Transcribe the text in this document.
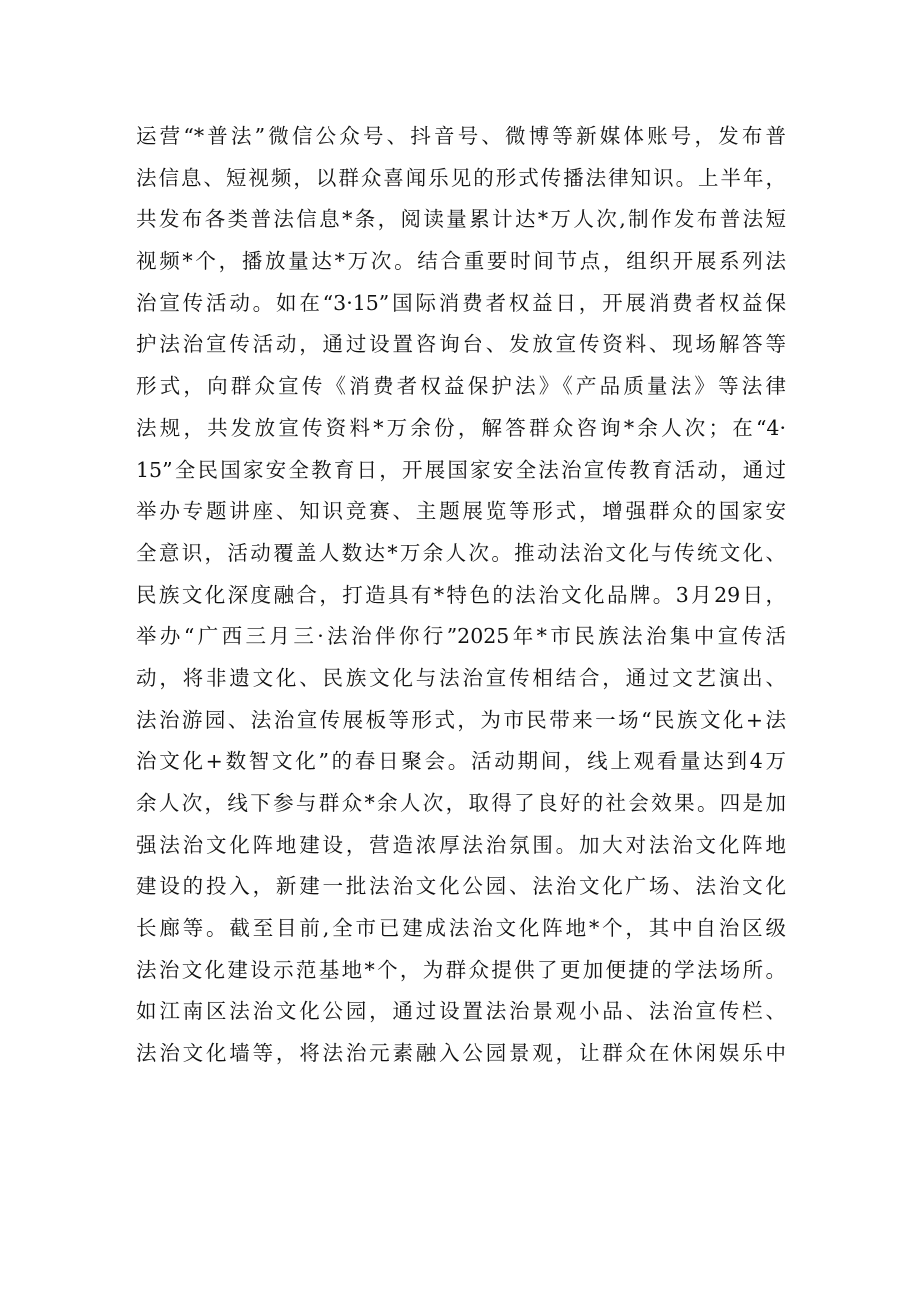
运营“*普法”微信公众号、抖音号、微博等新媒体账号，发布普
法信息、短视频，以群众喜闻乐见的形式传播法律知识。上半年，
共发布各类普法信息*条，阅读量累计达*万人次,制作发布普法短
视频*个，播放量达*万次。结合重要时间节点，组织开展系列法
治宣传活动。如在“3·15”国际消费者权益日，开展消费者权益保
护法治宣传活动，通过设置咨询台、发放宣传资料、现场解答等
形式，向群众宣传《消费者权益保护法》《产品质量法》等法律
法规，共发放宣传资料*万余份，解答群众咨询*余人次；在“4·
15”全民国家安全教育日，开展国家安全法治宣传教育活动，通过
举办专题讲座、知识竞赛、主题展览等形式，增强群众的国家安
全意识，活动覆盖人数达*万余人次。推动法治文化与传统文化、
民族文化深度融合，打造具有*特色的法治文化品牌。3月29日，
举办“广西三月三·法治伴你行”2025年*市民族法治集中宣传活
动，将非遗文化、民族文化与法治宣传相结合，通过文艺演出、
法治游园、法治宣传展板等形式，为市民带来一场“民族文化+法
治文化+数智文化”的春日聚会。活动期间，线上观看量达到4万
余人次，线下参与群众*余人次，取得了良好的社会效果。四是加
强法治文化阵地建设，营造浓厚法治氛围。加大对法治文化阵地
建设的投入，新建一批法治文化公园、法治文化广场、法治文化
长廊等。截至目前,全市已建成法治文化阵地*个，其中自治区级
法治文化建设示范基地*个，为群众提供了更加便捷的学法场所。
如江南区法治文化公园，通过设置法治景观小品、法治宣传栏、
法治文化墙等，将法治元素融入公园景观，让群众在休闲娱乐中
